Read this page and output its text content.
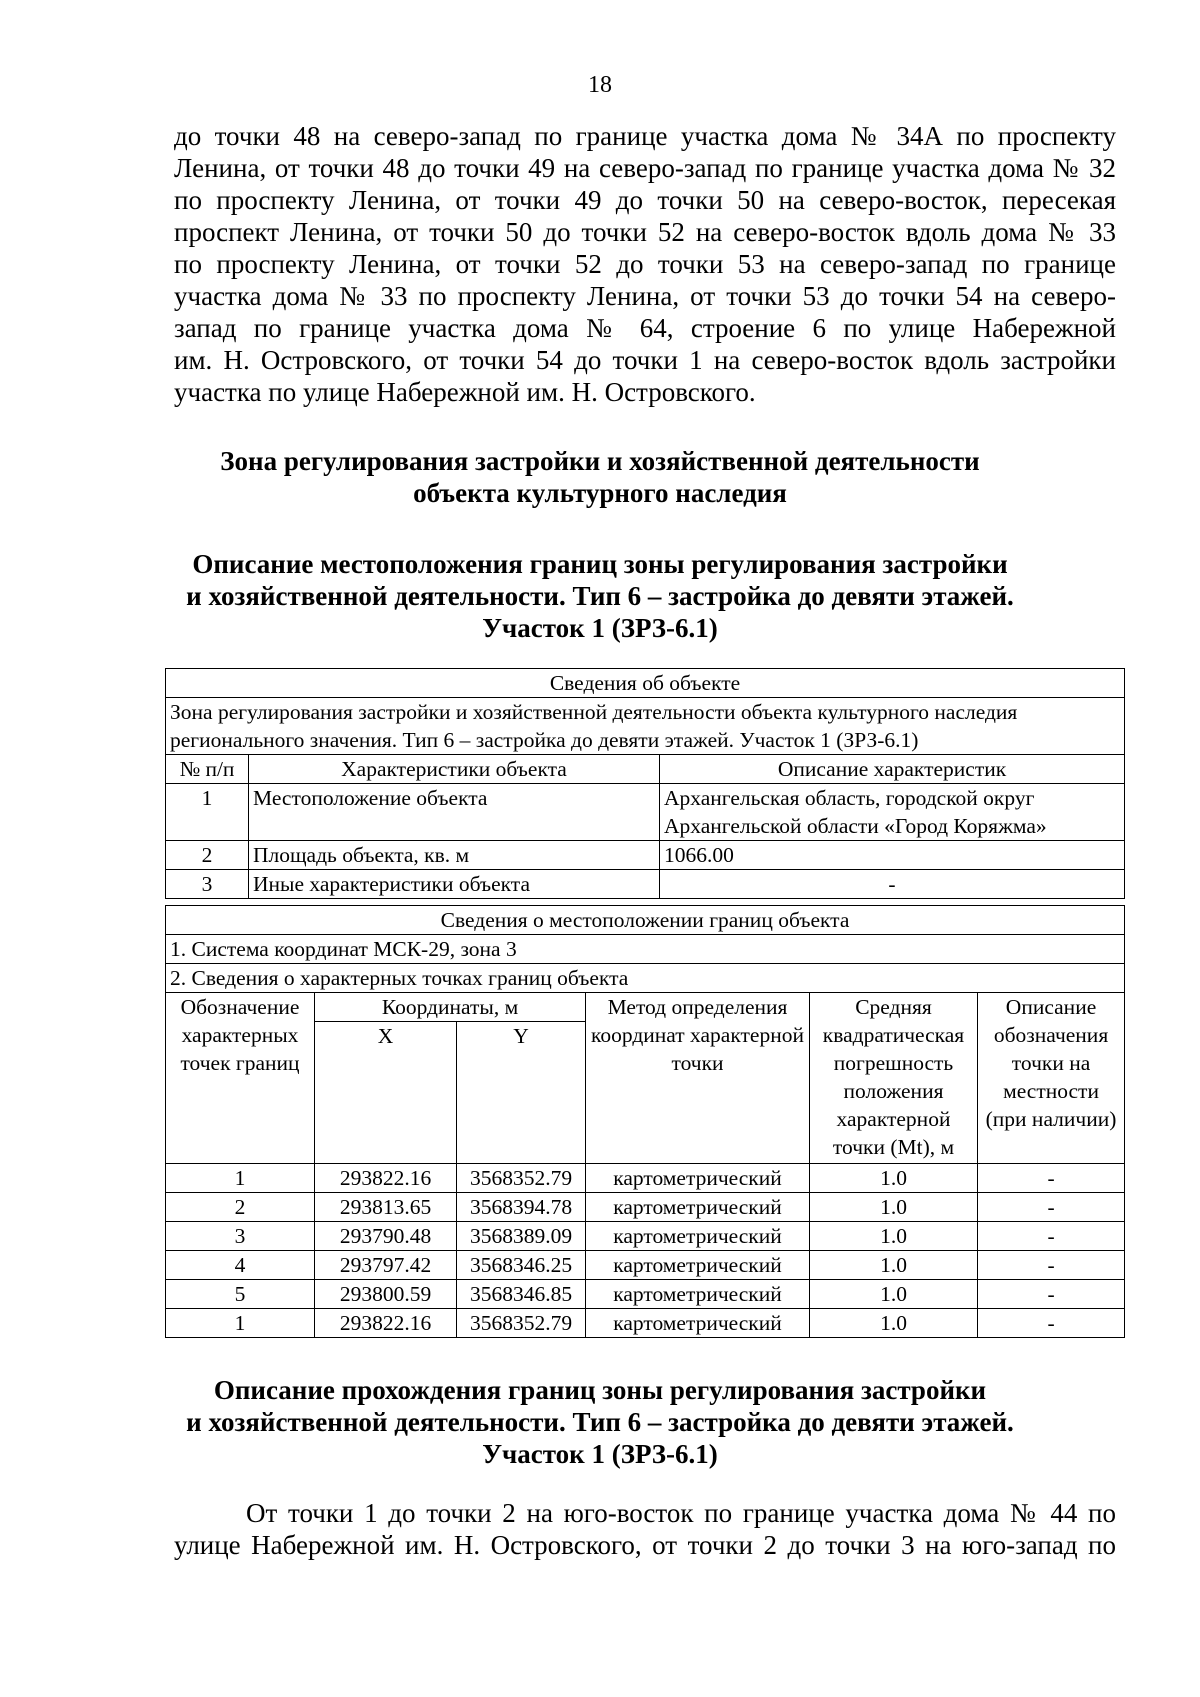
18

до точки 48 на северо-запад по границе участка дома № 34А по проспекту

Ленина, от точки 48 до точки 49 на северо-запад по границе участка дома № 32

по проспекту Ленина, от точки 49 до точки 50 на северо-восток, пересекая

проспект Ленина, от точки 50 до точки 52 на северо-восток вдоль дома № 33

по проспекту Ленина, от точки 52 до точки 53 на северо-запад по границе

участка дома № 33 по проспекту Ленина, от точки 53 до точки 54 на северо-

запад по границе участка дома № 64, строение 6 по улице Набережной

им. Н. Островского, от точки 54 до точки 1 на северо-восток вдоль застройки

участка по улице Набережной им. Н. Островского.

Зона регулирования застройки и хозяйственной деятельности

объекта культурного наследия

Описание местоположения границ зоны регулирования застройки

и хозяйственной деятельности. Тип 6 – застройка до девяти этажей.

Участок 1 (ЗРЗ-6.1)

Сведения об объекте		

Зона регулирования застройки и хозяйственной деятельности объекта культурного наследия
регионального значения. Тип 6 – застройка до девяти этажей. Участок 1 (ЗРЗ-6.1)		

№ п/п	Характеристики объекта	Описание характеристик
1	Местоположение объекта	Архангельская область, городской округ
Архангельской области «Город Коряжма»

2	Площадь объекта, кв. м	1066.00
3	Иные характеристики объекта	-
Сведения о местоположении границ объекта					
1. Система координат МСК-29, зона 3					
2. Сведения о характерных точках границ объекта					
Обозначение характерных точек границ	Координаты, м		Метод определения координат характерной точки	Средняя квадратическая погрешность положения характерной точки (Mt), м	Описание обозначения точки на местности (при наличии)
	X	Y			
1	293822.16	3568352.79	картометрический	1.0	-
2	293813.65	3568394.78	картометрический	1.0	-
3	293790.48	3568389.09	картометрический	1.0	-
4	293797.42	3568346.25	картометрический	1.0	-
5	293800.59	3568346.85	картометрический	1.0	-
1	293822.16	3568352.79	картометрический	1.0	-

Описание прохождения границ зоны регулирования застройки

и хозяйственной деятельности. Тип 6 – застройка до девяти этажей.

Участок 1 (ЗРЗ-6.1)

От точки 1 до точки 2 на юго-восток по границе участка дома № 44 по

улице Набережной им. Н. Островского, от точки 2 до точки 3 на юго-запад по
